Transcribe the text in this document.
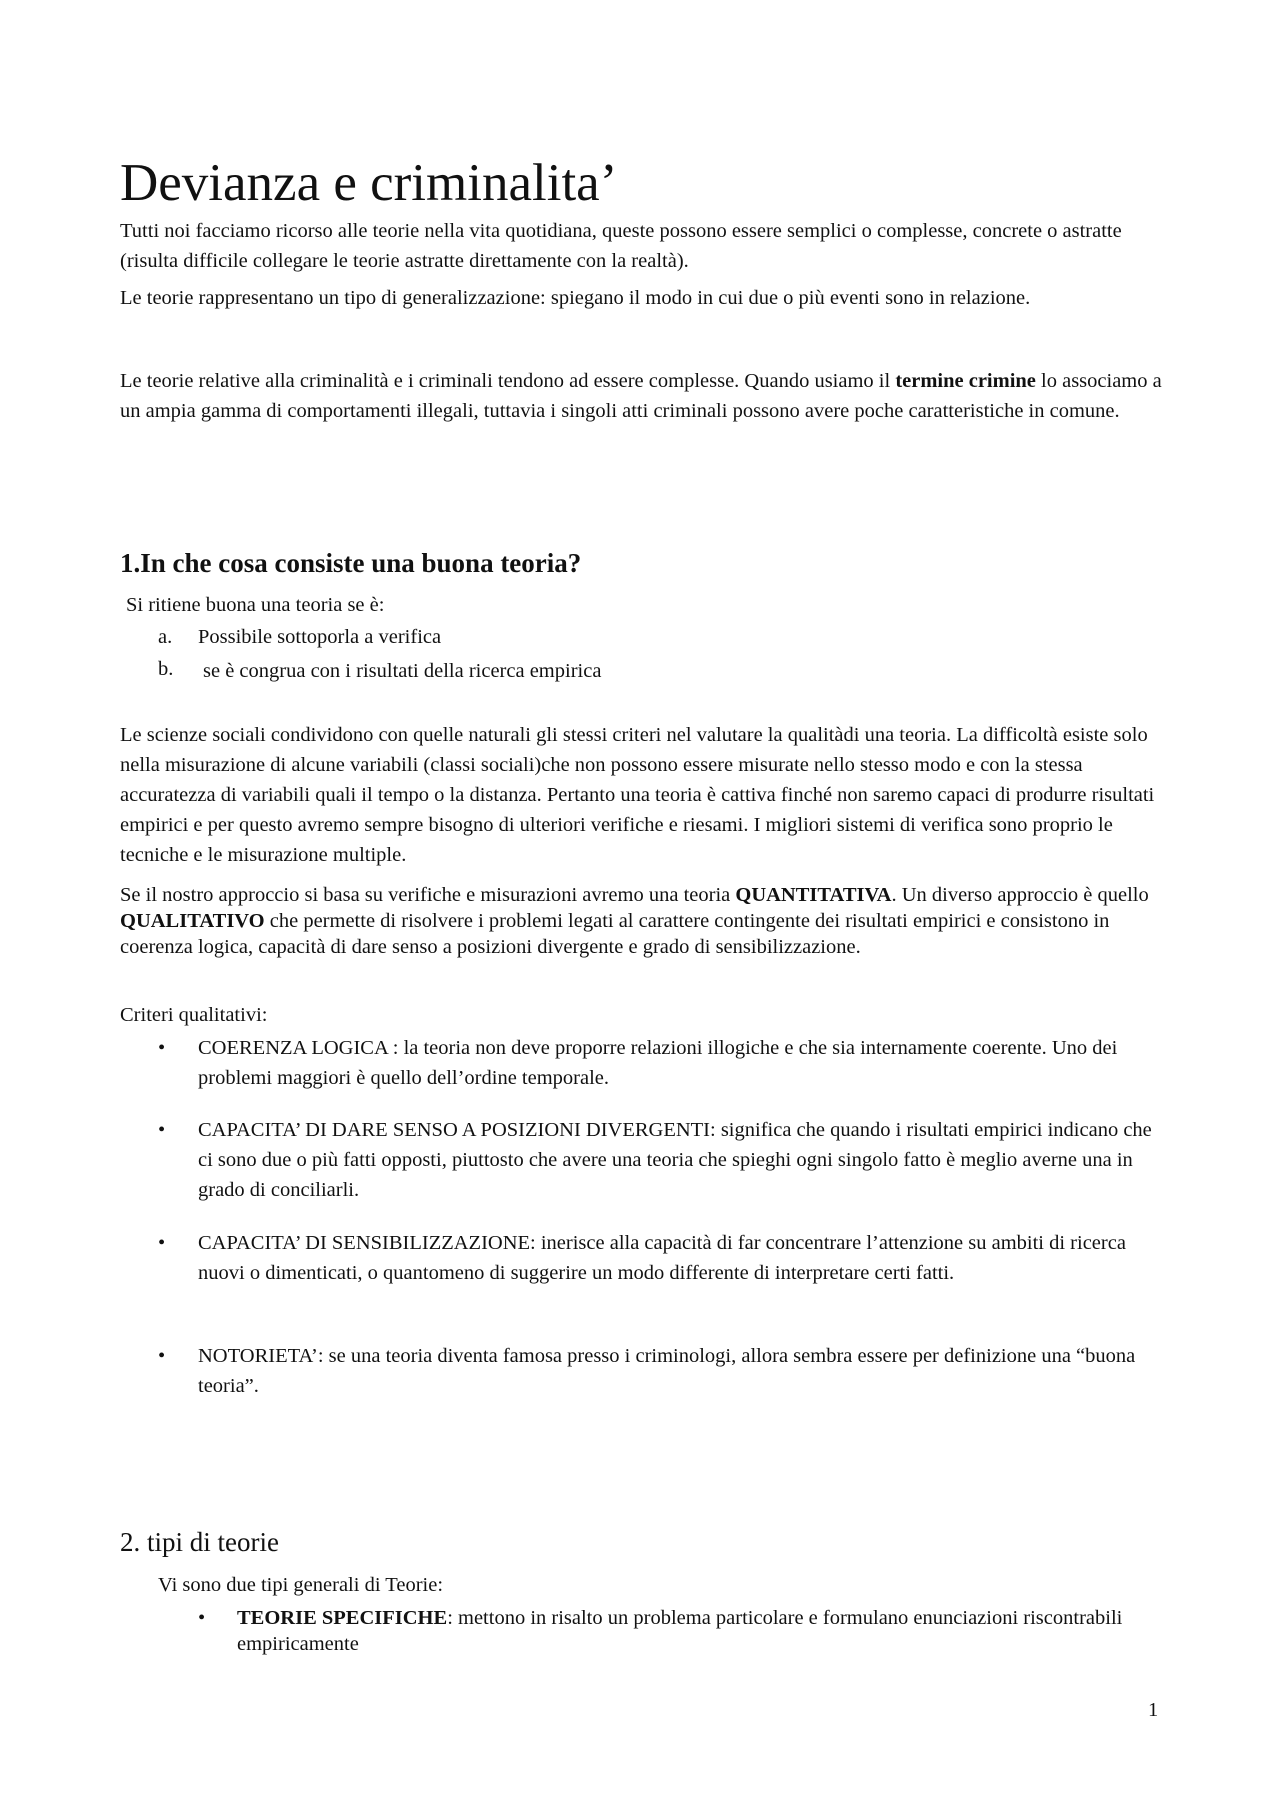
Devianza e criminalita’

Tutti noi facciamo ricorso alle teorie nella vita quotidiana, queste possono essere semplici o complesse, concrete o astratte (risulta difficile collegare le teorie astratte direttamente con la realtà).

Le teorie rappresentano un tipo di generalizzazione: spiegano il modo in cui due o più eventi sono in relazione.

Le teorie relative alla criminalità e i criminali tendono ad essere complesse. Quando usiamo il termine crimine lo associamo a un ampia gamma di comportamenti illegali, tuttavia i singoli atti criminali possono avere poche caratteristiche in comune.

1.In che cosa consiste una buona teoria?

Si ritiene buona una teoria se è:

a. Possibile sottoporla a verifica
b. se è congrua con i risultati della ricerca empirica

Le scienze sociali condividono con quelle naturali gli stessi criteri nel valutare la qualitàdi una teoria. La difficoltà esiste solo nella misurazione di alcune variabili (classi sociali)che non possono essere misurate nello stesso modo e con la stessa accuratezza di variabili quali il tempo o la distanza. Pertanto una teoria è cattiva finché non saremo capaci di produrre risultati empirici e per questo avremo sempre bisogno di ulteriori verifiche e riesami. I migliori sistemi di verifica sono proprio le tecniche e le misurazione multiple.

Se il nostro approccio si basa su verifiche e misurazioni avremo una teoria QUANTITATIVA. Un diverso approccio è quello QUALITATIVO che permette di risolvere i problemi legati al carattere contingente dei risultati empirici e consistono in coerenza logica, capacità di dare senso a posizioni divergente e grado di sensibilizzazione.

Criteri qualitativi:

• COERENZA LOGICA : la teoria non deve proporre relazioni illogiche e che sia internamente coerente. Uno dei problemi maggiori è quello dell’ordine temporale.
• CAPACITA’ DI DARE SENSO A POSIZIONI DIVERGENTI: significa che quando i risultati empirici indicano che ci sono due o più fatti opposti, piuttosto che avere una teoria che spieghi ogni singolo fatto è meglio averne una in grado di conciliarli.
• CAPACITA’ DI SENSIBILIZZAZIONE: inerisce alla capacità di far concentrare l’attenzione su ambiti di ricerca nuovi o dimenticati, o quantomeno di suggerire un modo differente di interpretare certi fatti.
• NOTORIETA’: se una teoria diventa famosa presso i criminologi, allora sembra essere per definizione una “buona teoria”.
2. tipi di teorie

Vi sono due tipi generali di Teorie:

• TEORIE SPECIFICHE: mettono in risalto un problema particolare e formulano enunciazioni riscontrabili empiricamente
1
